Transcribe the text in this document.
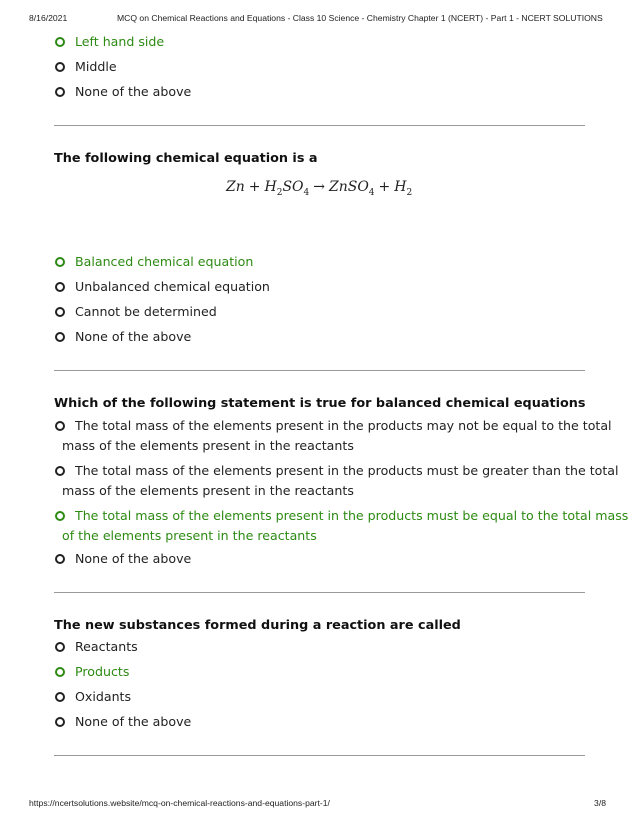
8/16/2021	MCQ on Chemical Reactions and Equations - Class 10 Science - Chemistry Chapter 1 (NCERT) - Part 1 - NCERT SOLUTIONS
Left hand side
Middle
None of the above
The following chemical equation is a
$Zn + H_2SO_4$ → ZnSO$_4$ + $H_2$
Balanced chemical equation
Unbalanced chemical equation
Cannot be determined
None of the above
Which of the following statement is true for balanced chemical equations
The total mass of the elements present in the products may not be equal to the total
mass of the elements present in the reactants
The total mass of the elements present in the products must be greater than the total
mass of the elements present in the reactants
The total mass of the elements present in the products must be equal to the total mass
of the elements present in the reactants
None of the above
The new substances formed during a reaction are called
Reactants
Products
Oxidants
None of the above
https://ncertsolutions.website/mcq-on-chemical-reactions-and-equations-part-1/	3/8
